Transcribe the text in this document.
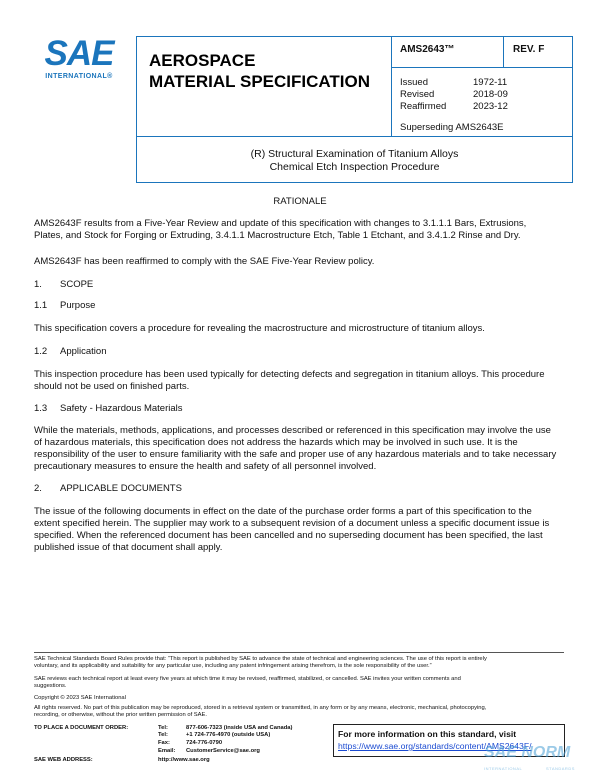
SAE
INTERNATIONAL®
AEROSPACE
MATERIAL SPECIFICATION
AMS2643™	REV. F
Issued	1972-11
Revised	2018-09
Reaffirmed	2023-12
Superseding AMS2643E
(R) Structural Examination of Titanium Alloys
Chemical Etch Inspection Procedure
RATIONALE
AMS2643F results from a Five-Year Review and update of this specification with changes to 3.1.1.1 Bars, Extrusions,
Plates, and Stock for Forging or Extruding, 3.4.1.1 Macrostructure Etch, Table 1 Etchant, and 3.4.1.2 Rinse and Dry.
AMS2643F has been reaffirmed to comply with the SAE Five-Year Review policy.
1. SCOPE
1.1 Purpose
This specification covers a procedure for revealing the macrostructure and microstructure of titanium alloys.
1.2 Application
This inspection procedure has been used typically for detecting defects and segregation in titanium alloys. This procedure
should not be used on finished parts.
1.3 Safety - Hazardous Materials
While the materials, methods, applications, and processes described or referenced in this specification may involve the use
of hazardous materials, this specification does not address the hazards which may be involved in such use. It is the
responsibility of the user to ensure familiarity with the safe and proper use of any hazardous materials and to take necessary
precautionary measures to ensure the health and safety of all personnel involved.
2. APPLICABLE DOCUMENTS
The issue of the following documents in effect on the date of the purchase order forms a part of this specification to the
extent specified herein. The supplier may work to a subsequent revision of a document unless a specific document issue is
specified. When the referenced document has been cancelled and no superseding document has been specified, the last
published issue of that document shall apply.
SAE Technical Standards Board Rules provide that: “This report is published by SAE to advance the state of technical and engineering sciences. The use of this report is entirely
voluntary, and its applicability and suitability for any particular use, including any patent infringement arising therefrom, is the sole responsibility of the user.”
SAE reviews each technical report at least every five years at which time it may be revised, reaffirmed, stabilized, or cancelled. SAE invites your written comments and
suggestions.
Copyright © 2023 SAE International
All rights reserved. No part of this publication may be reproduced, stored in a retrieval system or transmitted, in any form or by any means, electronic, mechanical, photocopying,
recording, or otherwise, without the prior written permission of SAE.
TO PLACE A DOCUMENT ORDER:	Tel:	877-606-7323 (inside USA and Canada)
Tel:	+1 724-776-4970 (outside USA)
Fax:	724-776-0790
Email: CustomerService@sae.org
SAE WEB ADDRESS:	http://www.sae.org
For more information on this standard, visit
https://www.sae.org/standards/content/AMS2643F/
SAE NORM
INTERNATIONAL	STANDARDS
